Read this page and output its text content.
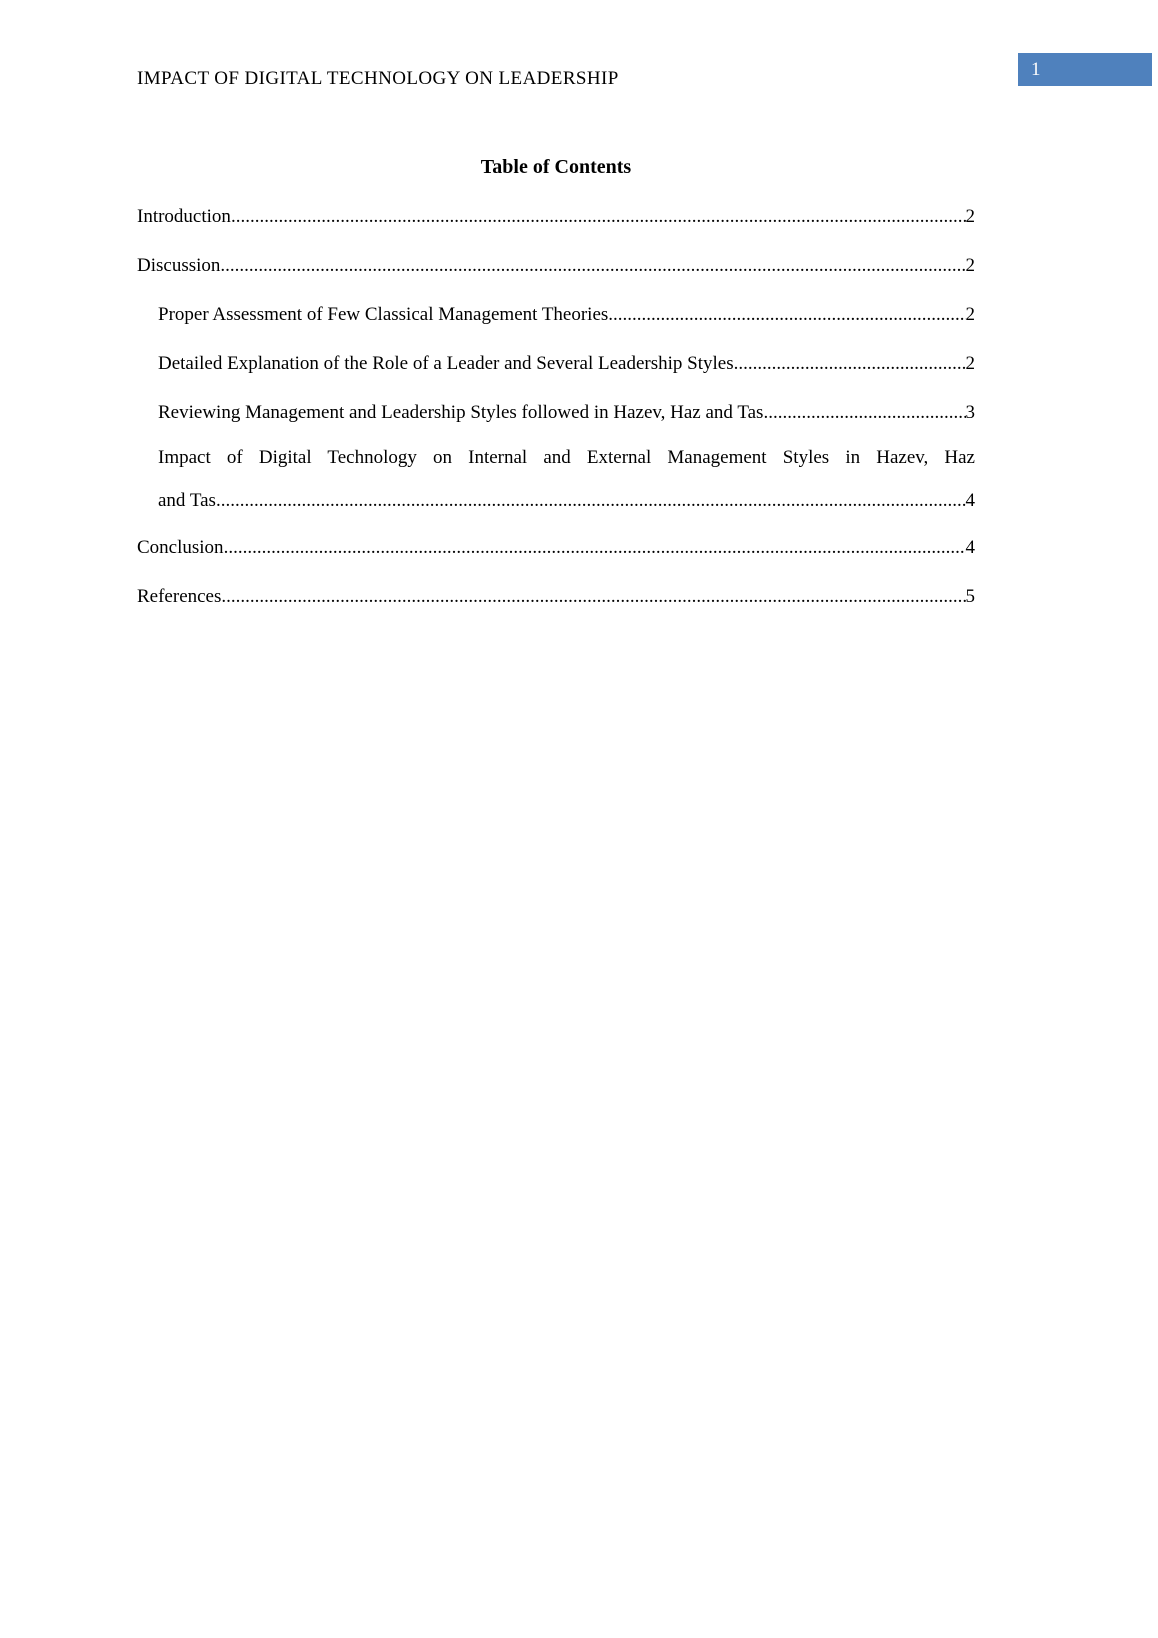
IMPACT OF DIGITAL TECHNOLOGY ON LEADERSHIP	1
Table of Contents
Introduction .....	2
Discussion .....	2
Proper Assessment of Few Classical Management Theories .....	2
Detailed Explanation of the Role of a Leader and Several Leadership Styles .....	2
Reviewing Management and Leadership Styles followed in Hazev, Haz and Tas .....	3
Impact of Digital Technology on Internal and External Management Styles in Hazev, Haz
and Tas .....	4
Conclusion .....	4
References .....	5
